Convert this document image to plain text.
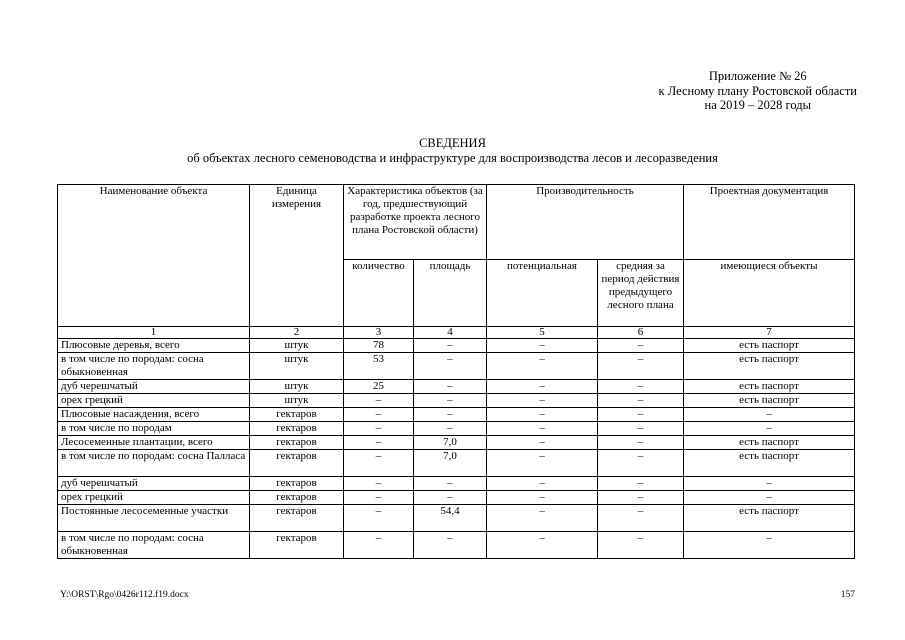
Приложение № 26
к Лесному плану Ростовской области
на 2019 – 2028 годы
СВЕДЕНИЯ
об объектах лесного семеноводства и инфраструктуре для воспроизводства лесов и лесоразведения
Наименование объекта	Единица измерения	Характеристика объектов (за год, предшествующий разработке проекта лесного плана Ростовской области)		Производительность		Проектная документация
		количество	площадь	потенциальная	средняя за период действия предыдущего лесного плана	имеющиеся объекты
1	2	3	4	5	6	7
Плюсовые деревья, всего	штук	78	–	–	–	есть паспорт
в том числе по породам: сосна обыкновенная	штук	53	–	–	–	есть паспорт
дуб черешчатый	штук	25	–	–	–	есть паспорт
орех грецкий	штук	–	–	–	–	есть паспорт
Плюсовые насаждения, всего	гектаров	–	–	–	–	–
в том числе по породам	гектаров	–	–	–	–	–
Лесосеменные плантации, всего	гектаров	–	7,0	–	–	есть паспорт
в том числе по породам: сосна Палласа	гектаров	–	7,0	–	–	есть паспорт
дуб черешчатый	гектаров	–	–	–	–	–
орех грецкий	гектаров	–	–	–	–	–
Постоянные лесосеменные участки	гектаров	–	54,4	–	–	есть паспорт
в том числе по породам: сосна обыкновенная	гектаров	–	–	–	–	–
Y:\ORST\Rgo\0426r112.f19.docx	157
